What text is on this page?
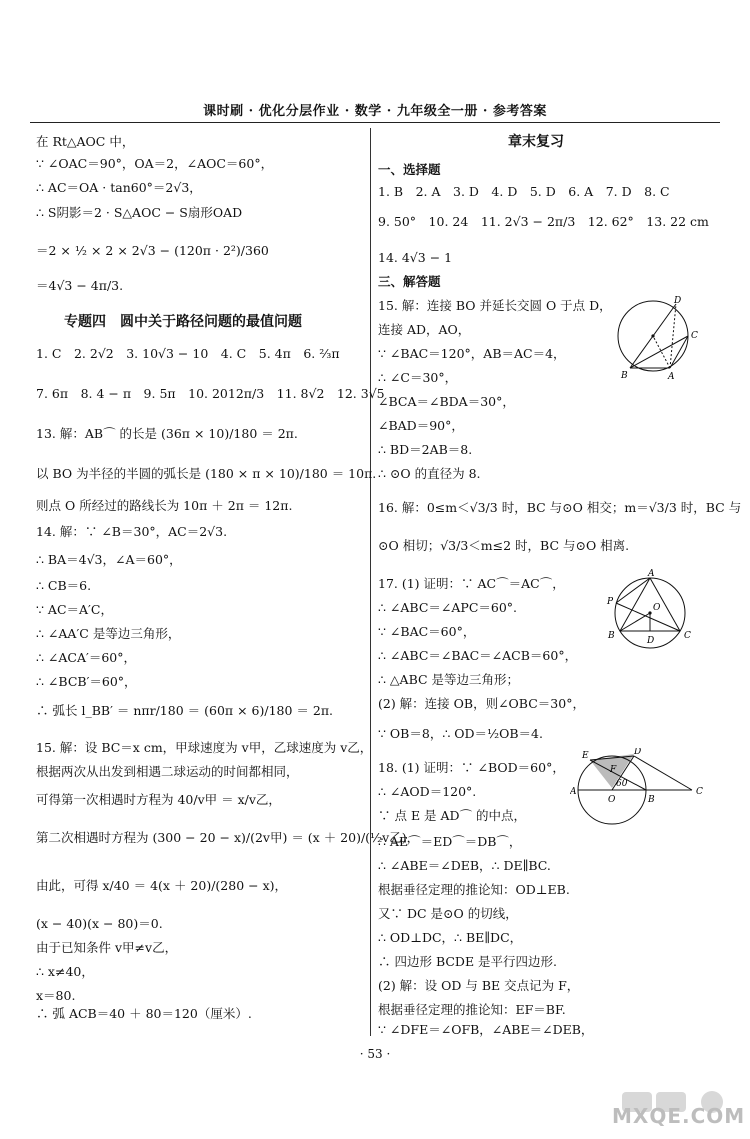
课时刷 · 优化分层作业 · 数学 · 九年级全一册 · 参考答案
在 Rt△AOC 中，
∵ ∠OAC＝90°，OA＝2，∠AOC＝60°，
∴ AC＝OA · tan60°＝2√3，
∴ S阴影＝2 · S△AOC − S扇形OAD
＝2 × ½ × 2 × 2√3 − (120π · 2²)/360
＝4√3 − 4π/3.
专题四　圆中关于路径问题的最值问题
1. C　2. 2√2　3. 10√3 − 10　4. C　5. 4π　6. ⅔π
7. 6π　8. 4 − π　9. 5π　10. 2012π/3　11. 8√2　12. 3√5
13. 解：AB⌒ 的长是 (36π × 10)/180 ＝ 2π.
以 BO 为半径的半圆的弧长是 (180 × π × 10)/180 ＝ 10π.
则点 O 所经过的路线长为 10π ＋ 2π ＝ 12π.
14. 解：∵ ∠B＝30°，AC＝2√3.
∴ BA＝4√3，∠A＝60°，
∴ CB＝6.
∵ AC＝A′C，
∴ ∠AA′C 是等边三角形，
∴ ∠ACA′＝60°，
∴ ∠BCB′＝60°，
∴ 弧长 l_BB′ ＝ nπr/180 ＝ (60π × 6)/180 ＝ 2π.
15. 解：设 BC＝x cm，甲球速度为 v甲，乙球速度为 v乙，
根据两次从出发到相遇二球运动的时间都相同，
可得第一次相遇时方程为 40/v甲 ＝ x/v乙，
第二次相遇时方程为 (300 − 20 − x)/(2v甲) ＝ (x ＋ 20)/(½v乙)，
由此，可得 x/40 ＝ 4(x ＋ 20)/(280 − x)，
(x − 40)(x − 80)＝0.
由于已知条件 v甲≠v乙，
∴ x≠40，
x＝80.
∴ 弧 ACB＝40 ＋ 80＝120（厘米）.
章末复习
一、选择题
1. B　2. A　3. D　4. D　5. D　6. A　7. D　8. C
9. 50°　10. 24　11. 2√3 − 2π/3　12. 62°　13. 22 cm
14. 4√3 − 1
三、解答题
15. 解：连接 BO 并延长交圆 O 于点 D，
连接 AD，AO，
∵ ∠BAC＝120°，AB＝AC＝4，
∴ ∠C＝30°，
∠BCA＝∠BDA＝30°，
∠BAD＝90°，
∴ BD＝2AB＝8.
∴ ⊙O 的直径为 8.
16. 解：0≤m＜√3/3 时，BC 与⊙O 相交；m＝√3/3 时，BC 与
⊙O 相切；√3/3＜m≤2 时，BC 与⊙O 相离.
17. (1) 证明：∵ AC⌒＝AC⌒，
∴ ∠ABC＝∠APC＝60°.
∵ ∠BAC＝60°，
∴ ∠ABC＝∠BAC＝∠ACB＝60°，
∴ △ABC 是等边三角形；
(2) 解：连接 OB，则∠OBC＝30°，
∵ OB＝8，∴ OD＝½OB＝4.
18. (1) 证明：∵ ∠BOD＝60°，
∴ ∠AOD＝120°.
∵ 点 E 是 AD⌒ 的中点，
∴ AE⌒＝ED⌒＝DB⌒，
∴ ∠ABE＝∠DEB，∴ DE∥BC.
根据垂径定理的推论知：OD⊥EB.
又∵ DC 是⊙O 的切线，
∴ OD⊥DC，∴ BE∥DC，
∴ 四边形 BCDE 是平行四边形.
(2) 解：设 OD 与 BE 交点记为 F，
根据垂径定理的推论知：EF＝BF.
∵ ∠DFE＝∠OFB，∠ABE＝∠DEB，
D
C
B	A
A
P
O
B	D	C
E	D
F
60
A
O	B
C
· 53 ·
MXQE.COM
